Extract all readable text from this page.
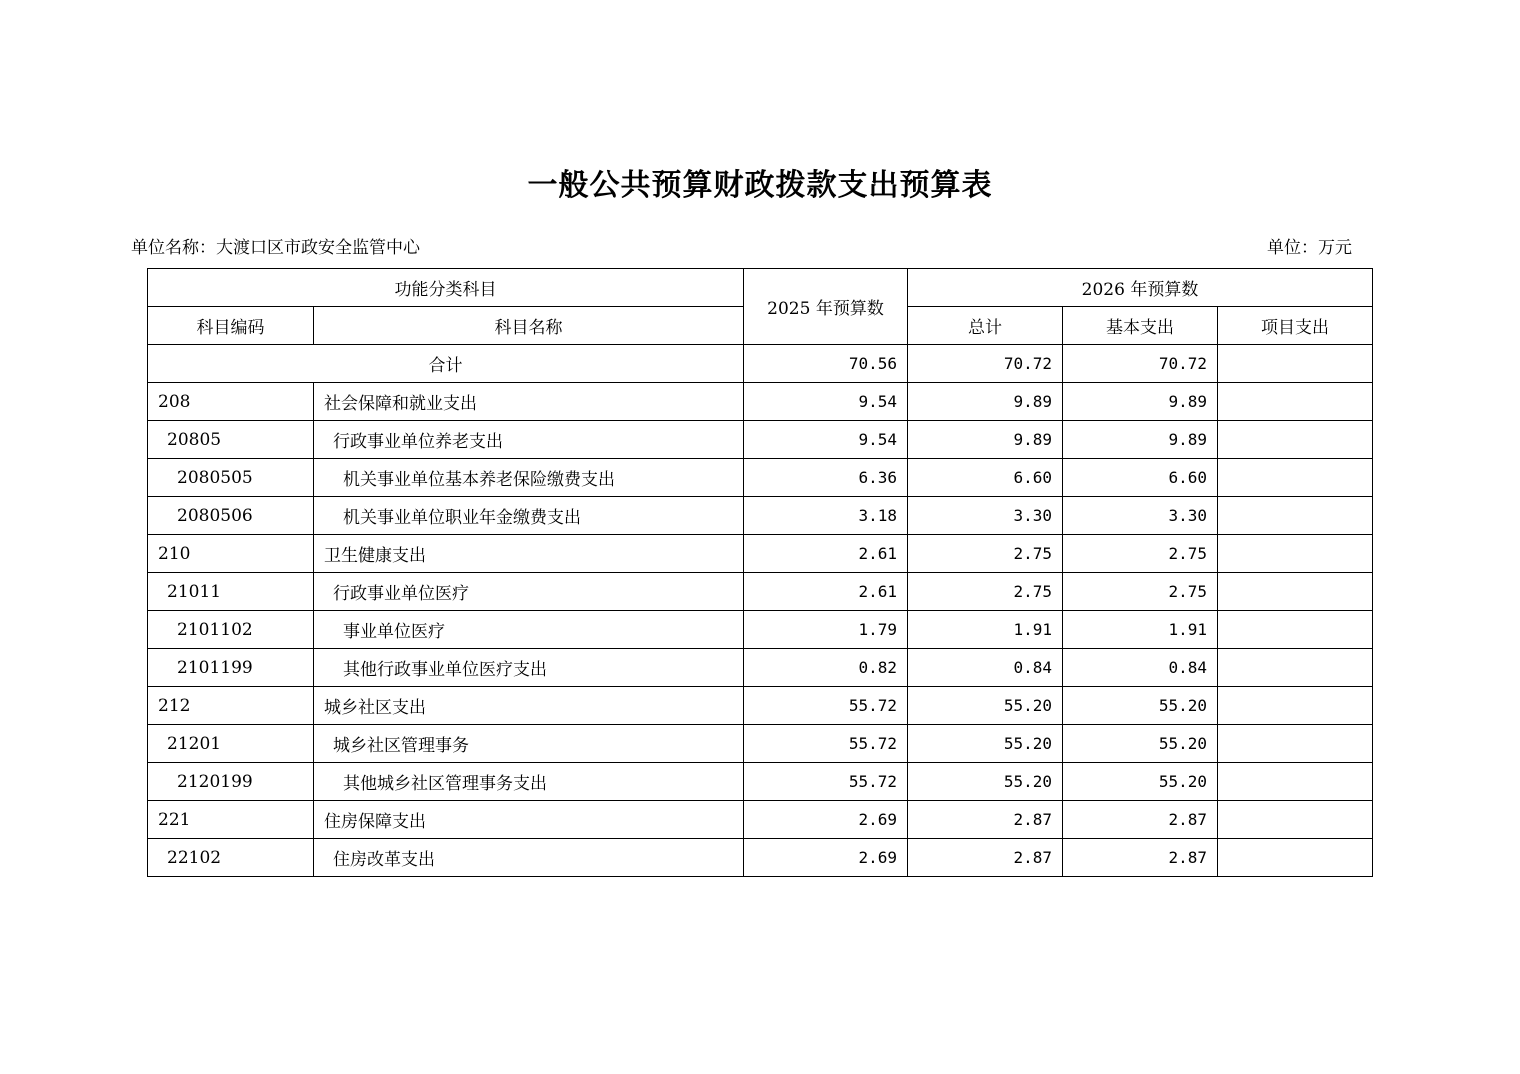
一般公共预算财政拨款支出预算表
单位名称：大渡口区市政安全监管中心	单位：万元
功能分类科目		2025 年预算数	2026 年预算数		
科目编码	科目名称		总计	基本支出	项目支出
合计		70.56	70.72	70.72	
208	社会保障和就业支出	9.54	9.89	9.89	
20805	行政事业单位养老支出	9.54	9.89	9.89	
2080505	机关事业单位基本养老保险缴费支出	6.36	6.60	6.60	
2080506	机关事业单位职业年金缴费支出	3.18	3.30	3.30	
210	卫生健康支出	2.61	2.75	2.75	
21011	行政事业单位医疗	2.61	2.75	2.75	
2101102	事业单位医疗	1.79	1.91	1.91	
2101199	其他行政事业单位医疗支出	0.82	0.84	0.84	
212	城乡社区支出	55.72	55.20	55.20	
21201	城乡社区管理事务	55.72	55.20	55.20	
2120199	其他城乡社区管理事务支出	55.72	55.20	55.20	
221	住房保障支出	2.69	2.87	2.87	
22102	住房改革支出	2.69	2.87	2.87	
